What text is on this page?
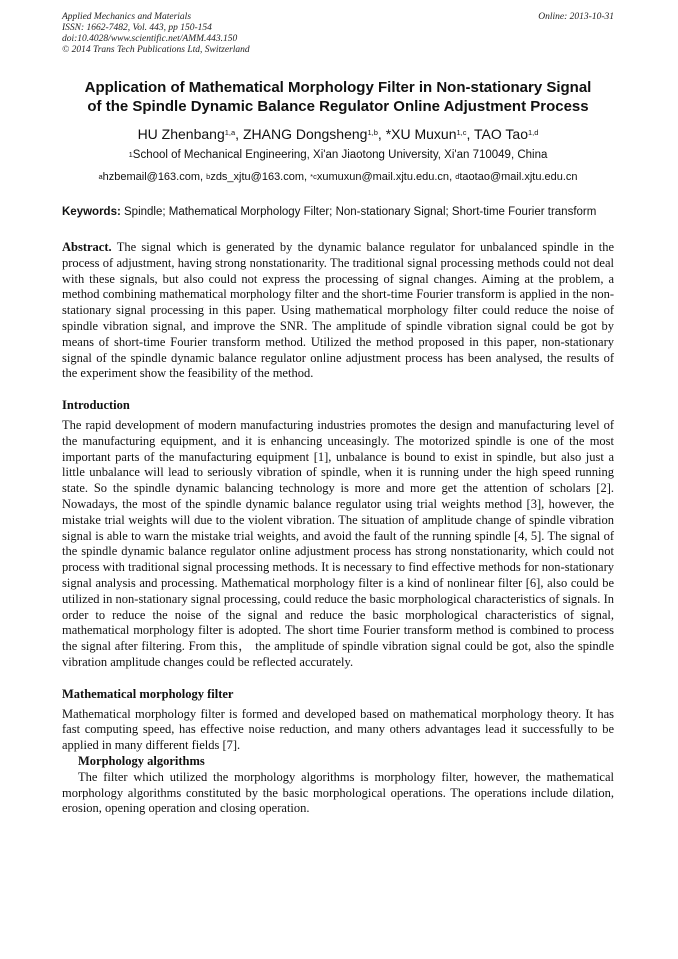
Applied Mechanics and Materials
ISSN: 1662-7482, Vol. 443, pp 150-154
doi:10.4028/www.scientific.net/AMM.443.150
© 2014 Trans Tech Publications Ltd, Switzerland
Online: 2013-10-31
Application of Mathematical Morphology Filter in Non-stationary Signal
of the Spindle Dynamic Balance Regulator Online Adjustment Process
HU Zhenbang$^{1,a}$, ZHANG Dongsheng$^{1,b}$, *XU Muxun$^{1,c}$, TAO Tao$^{1,d}$
$^1$School of Mechanical Engineering, Xi'an Jiaotong University, Xi'an 710049, China
$^a$hzbemail@163.com, $^b$zds_xjtu@163.com, $^{*c}$xumuxun@mail.xjtu.edu.cn, $^d$taotao@mail.xjtu.edu.cn
Keywords: Spindle; Mathematical Morphology Filter; Non-stationary Signal; Short-time Fourier transform
Abstract. The signal which is generated by the dynamic balance regulator for unbalanced spindle in the process of adjustment, having strong nonstationarity. The traditional signal processing methods could not deal with these signals, but also could not express the processing of signal changes. Aiming at the problem, a method combining mathematical morphology filter and the short-time Fourier transform is applied in the non-stationary signal processing in this paper. Using mathematical morphology filter could reduce the noise of spindle vibration signal, and improve the SNR. The amplitude of spindle vibration signal could be got by means of short-time Fourier transform method. Utilized the method proposed in this paper, non-stationary signal of the spindle dynamic balance regulator online adjustment process has been analysed, the results of the experiment show the feasibility of the method.
Introduction
The rapid development of modern manufacturing industries promotes the design and manufacturing level of the manufacturing equipment, and it is enhancing unceasingly. The motorized spindle is one of the most important parts of the manufacturing equipment [1], unbalance is bound to exist in spindle, but also just a little unbalance will lead to seriously vibration of spindle, when it is running under the high speed running state. So the spindle dynamic balancing technology is more and more get the attention of scholars [2]. Nowadays, the most of the spindle dynamic balance regulator using trial weights method [3], however, the mistake trial weights will due to the violent vibration. The situation of amplitude change of spindle vibration signal is able to warn the mistake trial weights, and avoid the fault of the running spindle [4, 5]. The signal of the spindle dynamic balance regulator online adjustment process has strong nonstationarity, which could not process with traditional signal processing methods. It is necessary to find effective methods for non-stationary signal analysis and processing. Mathematical morphology filter is a kind of nonlinear filter [6], also could be utilized in non-stationary signal processing, could reduce the basic morphological characteristics of signals. In order to reduce the noise of the signal and reduce the basic morphological characteristics of signal, mathematical morphology filter is adopted. The short time Fourier transform method is combined to process the signal after filtering. From this， the amplitude of spindle vibration signal could be got, also the spindle vibration amplitude changes could be reflected accurately.
Mathematical morphology filter
Mathematical morphology filter is formed and developed based on mathematical morphology theory. It has fast computing speed, has effective noise reduction, and many others advantages lead it successfully to be applied in many different fields [7].
Morphology algorithms
The filter which utilized the morphology algorithms is morphology filter, however, the mathematical morphology algorithms constituted by the basic morphological operations. The operations include dilation, erosion, opening operation and closing operation.
